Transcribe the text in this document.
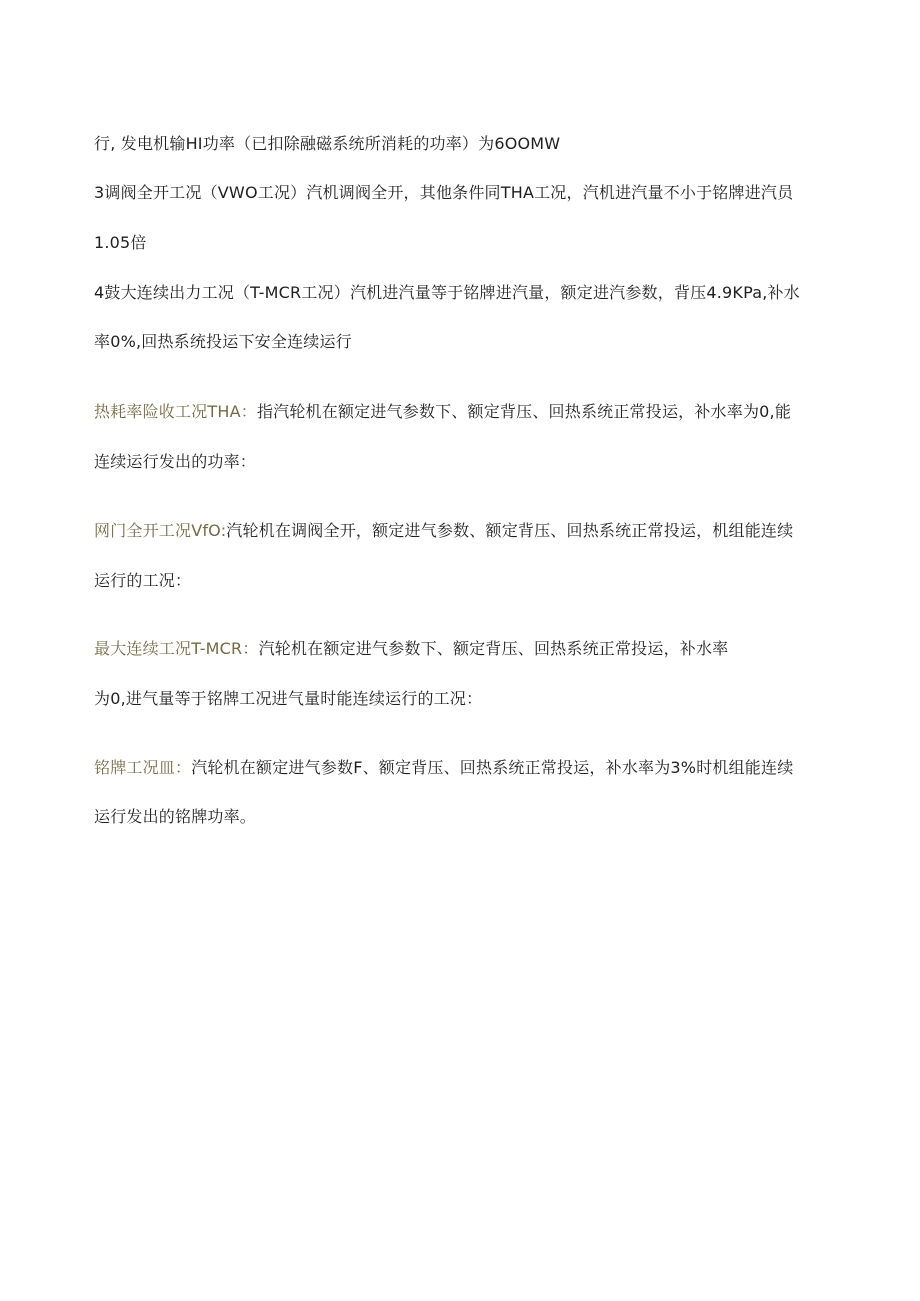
行, 发电机输HI功率（已扣除融磁系统所消耗的功率）为6OOMW
3调阀全开工况（VWO工况）汽机调阀全开，其他条件同THA工况，汽机进汽量不小于铭牌进汽员
1.05倍
4鼓大连续出力工况（T-MCR工况）汽机进汽量等于铭牌进汽量，额定进汽参数，背压4.9KPa,补水
率0%,回热系统投运下安全连续运行
热耗率险收工况THA：指汽轮机在额定进气参数下、额定背压、回热系统正常投运，补水率为0,能
连续运行发出的功率：
网门全开工况VfO:汽轮机在调阀全开，额定进气参数、额定背压、回热系统正常投运，机组能连续
运行的工况：
最大连续工况T-MCR：汽轮机在额定进气参数下、额定背压、回热系统正常投运，补水率
为0,进气量等于铭牌工况进气量时能连续运行的工况：
铭牌工况皿：汽轮机在额定进气参数F、额定背压、回热系统正常投运，补水率为3%时机组能连续
运行发出的铭牌功率。
